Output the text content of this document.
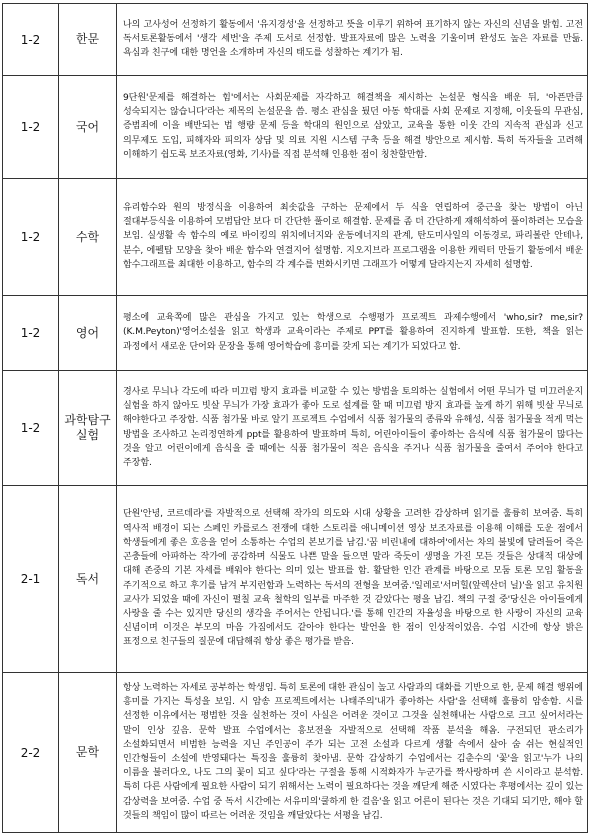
1-2	한문	나의 고사성어 선정하기 활동에서 '유지경성'을 선정하고 뜻을 이루기 위하여 표기하지 않는 자신의 신념을 밝힘. 고전 독서토론활동에서 '생각 세번'을 주제 도서로 선정함. 발표자료에 많은 노력을 기울이며 완성도 높은 자료를 만듦. 욕심과 친구에 대한 명언을 소개하며 자신의 태도를 성찰하는 계기가 됨.

1-2	국어	9단원'문제를 해결하는 힘'에서는 사회문제를 자각하고 해결책을 제시하는 논설문 형식을 배운 뒤, '아픈만큼 성숙되지는 않습니다'라는 제목의 논설문을 씀. 평소 관심을 뒀던 아동 학대를 사회 문제로 지정해, 이웃들의 무관심, 증범죄에 이을 배반되는 법 행량 문제 등을 학대의 원인으로 삼았고, 교육을 통한 이웃 간의 지속적 관심과 신고 의무제도 도입, 피해자와 피의자 상담 및 의료 지원 시스템 구축 등을 해결 방안으로 제시함. 특히 독자들을 고려해 이해하기 쉽도록 보조자료(영화, 기사)를 직접 분석해 인용한 점이 칭찬할만함.

1-2	수학	유리함수와 원의 방정식을 이용하여 최솟값을 구하는 문제에서 두 식을 연립하여 중근을 찾는 방법이 아닌 절대부등식을 이용하여 모범답안 보다 더 간단한 풀이로 해결함. 문제를 좀 더 간단하게 재해석하여 풀이하려는 모습을 보임. 실생활 속 함수의 예로 바이킹의 위치에너지와 운동에너지의 관계, 탄도미사일의 이동경로, 파리볼란 안테나, 분수, 에펠탑 모양을 찾아 배운 함수와 연결지어 설명함. 지오지브라 프로그램을 이용한 캐릭터 만들기 활동에서 배운 함수그래프를 최대한 이용하고, 함수의 각 계수를 변화시키면 그래프가 어떻게 달라지는지 자세히 설명함.

1-2	영어	평소에 교육쪽에 많은 관심을 가지고 있는 학생으로 수행평가 프로젝트 과제수행에서 'who,sir? me,sir?(K.M.Peyton)'영어소설을 읽고 학생과 교육이라는 주제로 PPT를 활용하여 진지하게 발표함. 또한, 책을 읽는 과정에서 새로운 단어와 문장을 통해 영어학습에 흥미를 갖게 되는 계기가 되었다고 함.

1-2	과학탐구 실험	경사로 무늬나 각도에 따라 미끄럼 방지 효과를 비교할 수 있는 방법을 토의하는 실험에서 어떤 무늬가 덜 미끄러운지 실험을 하지 않아도 빗살 무늬가 가장 효과가 좋아 도로 설계를 할 때 미끄럼 방지 효과를 높게 하기 위해 빗살 무늬로 해야한다고 주장함. 식품 첨가물 바로 알기 프로젝트 수업에서 식품 첨가물의 종류와 유해성, 식품 첨가물을 적게 먹는 방법을 조사하고 논리정연하게 ppt를 활용하여 발표하며 특히, 어린아이들이 좋아하는 음식에 식품 첨가물이 많다는 것을 알고 어린이에게 음식을 줄 때에는 식품 첨가물이 적은 음식을 주거나 식품 첨가물을 줄여서 주어야 한다고 주장함.

2-1	독서	단원'안녕, 코르데라'를 자발적으로 선택해 작가의 의도와 시대 상황을 고려한 감상하며 읽기를 훌륭히 보여줌. 특히 역사적 배경이 되는 스페인 카를로스 전쟁에 대한 스토리를 애니메이션 영상 보조자료를 이용해 이해를 도운 점에서 학생들에게 좋은 호응을 얻어 소통하는 수업의 본보기를 남김.'꿈 비린내에 대하여'에서는 차의 불빛에 달려들어 죽은 곤충들에 아파하는 작가에 공감하며 식물도 나쁜 말을 들으면 말라 죽듯이 생명을 가진 모든 것들은 상대적 대상에 대해 존중의 기본 자세를 배워야 한다는 의미 있는 발표를 함. 활달한 인간 관계를 바탕으로 모둠 토론 모임 활동을 주기적으로 하고 후기를 남겨 부지런함과 노력하는 독서의 전형을 보여줌.'일레로'서머힐(앞렉산더 닐)'을 읽고 유치원 교사가 되었을 때에 자신이 펼칠 교육 철학의 일부를 마주한 것 같았다는 평을 남김. 책의 구절 중'당신은 아이들에게 사랑을 줄 수는 있지만 당신의 생각을 주어서는 안됩니다.'를 통해 인간의 자율성을 바탕으로 한 사랑이 자신의 교육 신념이며 이것은 부모의 마음 가짐에서도 같아야 한다는 발언을 한 점이 인상적이었음. 수업 시간에 항상 밝은 표정으로 친구들의 질문에 대답해줘 항상 좋은 평가를 받음.

2-2	문학	항상 노력하는 자세로 공부하는 학생임. 특히 토론에 대한 관심이 높고 사람과의 대화를 기반으로 한, 문제 해결 행위에 흥미를 가지는 특성을 보임. 시 암송 프로젝트에서는 나태주의'내가 좋아하는 사람'을 선택해 훌륭히 암송함. 시를 선정한 이유에서는 평범한 것을 실천하는 것이 사실은 어려운 것이고 그것을 실천해내는 사람으로 크고 싶어서라는 말이 인상 깊음. 문학 발표 수업에서는 흥보전을 자발적으로 선택해 작품 분석을 해옴. 구전되던 판소리가 소설화되면서 비범한 능력을 지닌 주인공이 주가 되는 고전 소설과 다르게 생활 속에서 살아 숨 쉬는 현실적인 인간형들이 소설에 반영돼다는 특징을 훌륭히 찾아냄. 문학 감상하기 수업에서는 김춘수의 '꽃'을 읽고'누가 나의 이름을 불러다오, 나도 그의 꽃이 되고 싶다'라는 구절을 통해 시적화자가 누군가를 짝사랑하며 쓴 시이라고 분석함. 특히 다른 사람에게 필요한 사람이 되기 위해서는 노력이 필요하다는 것을 깨닫게 해준 시였다는 후평에서는 깊이 있는 감상력을 보여줌. 수업 중 독서 시간에는 서유미의'쿨하게 한 걸음'을 읽고 어른이 된다는 것은 기대되 되기만, 해야 할 것들의 책임이 많이 따르는 어려운 것임을 깨달았다는 서평을 남김.
